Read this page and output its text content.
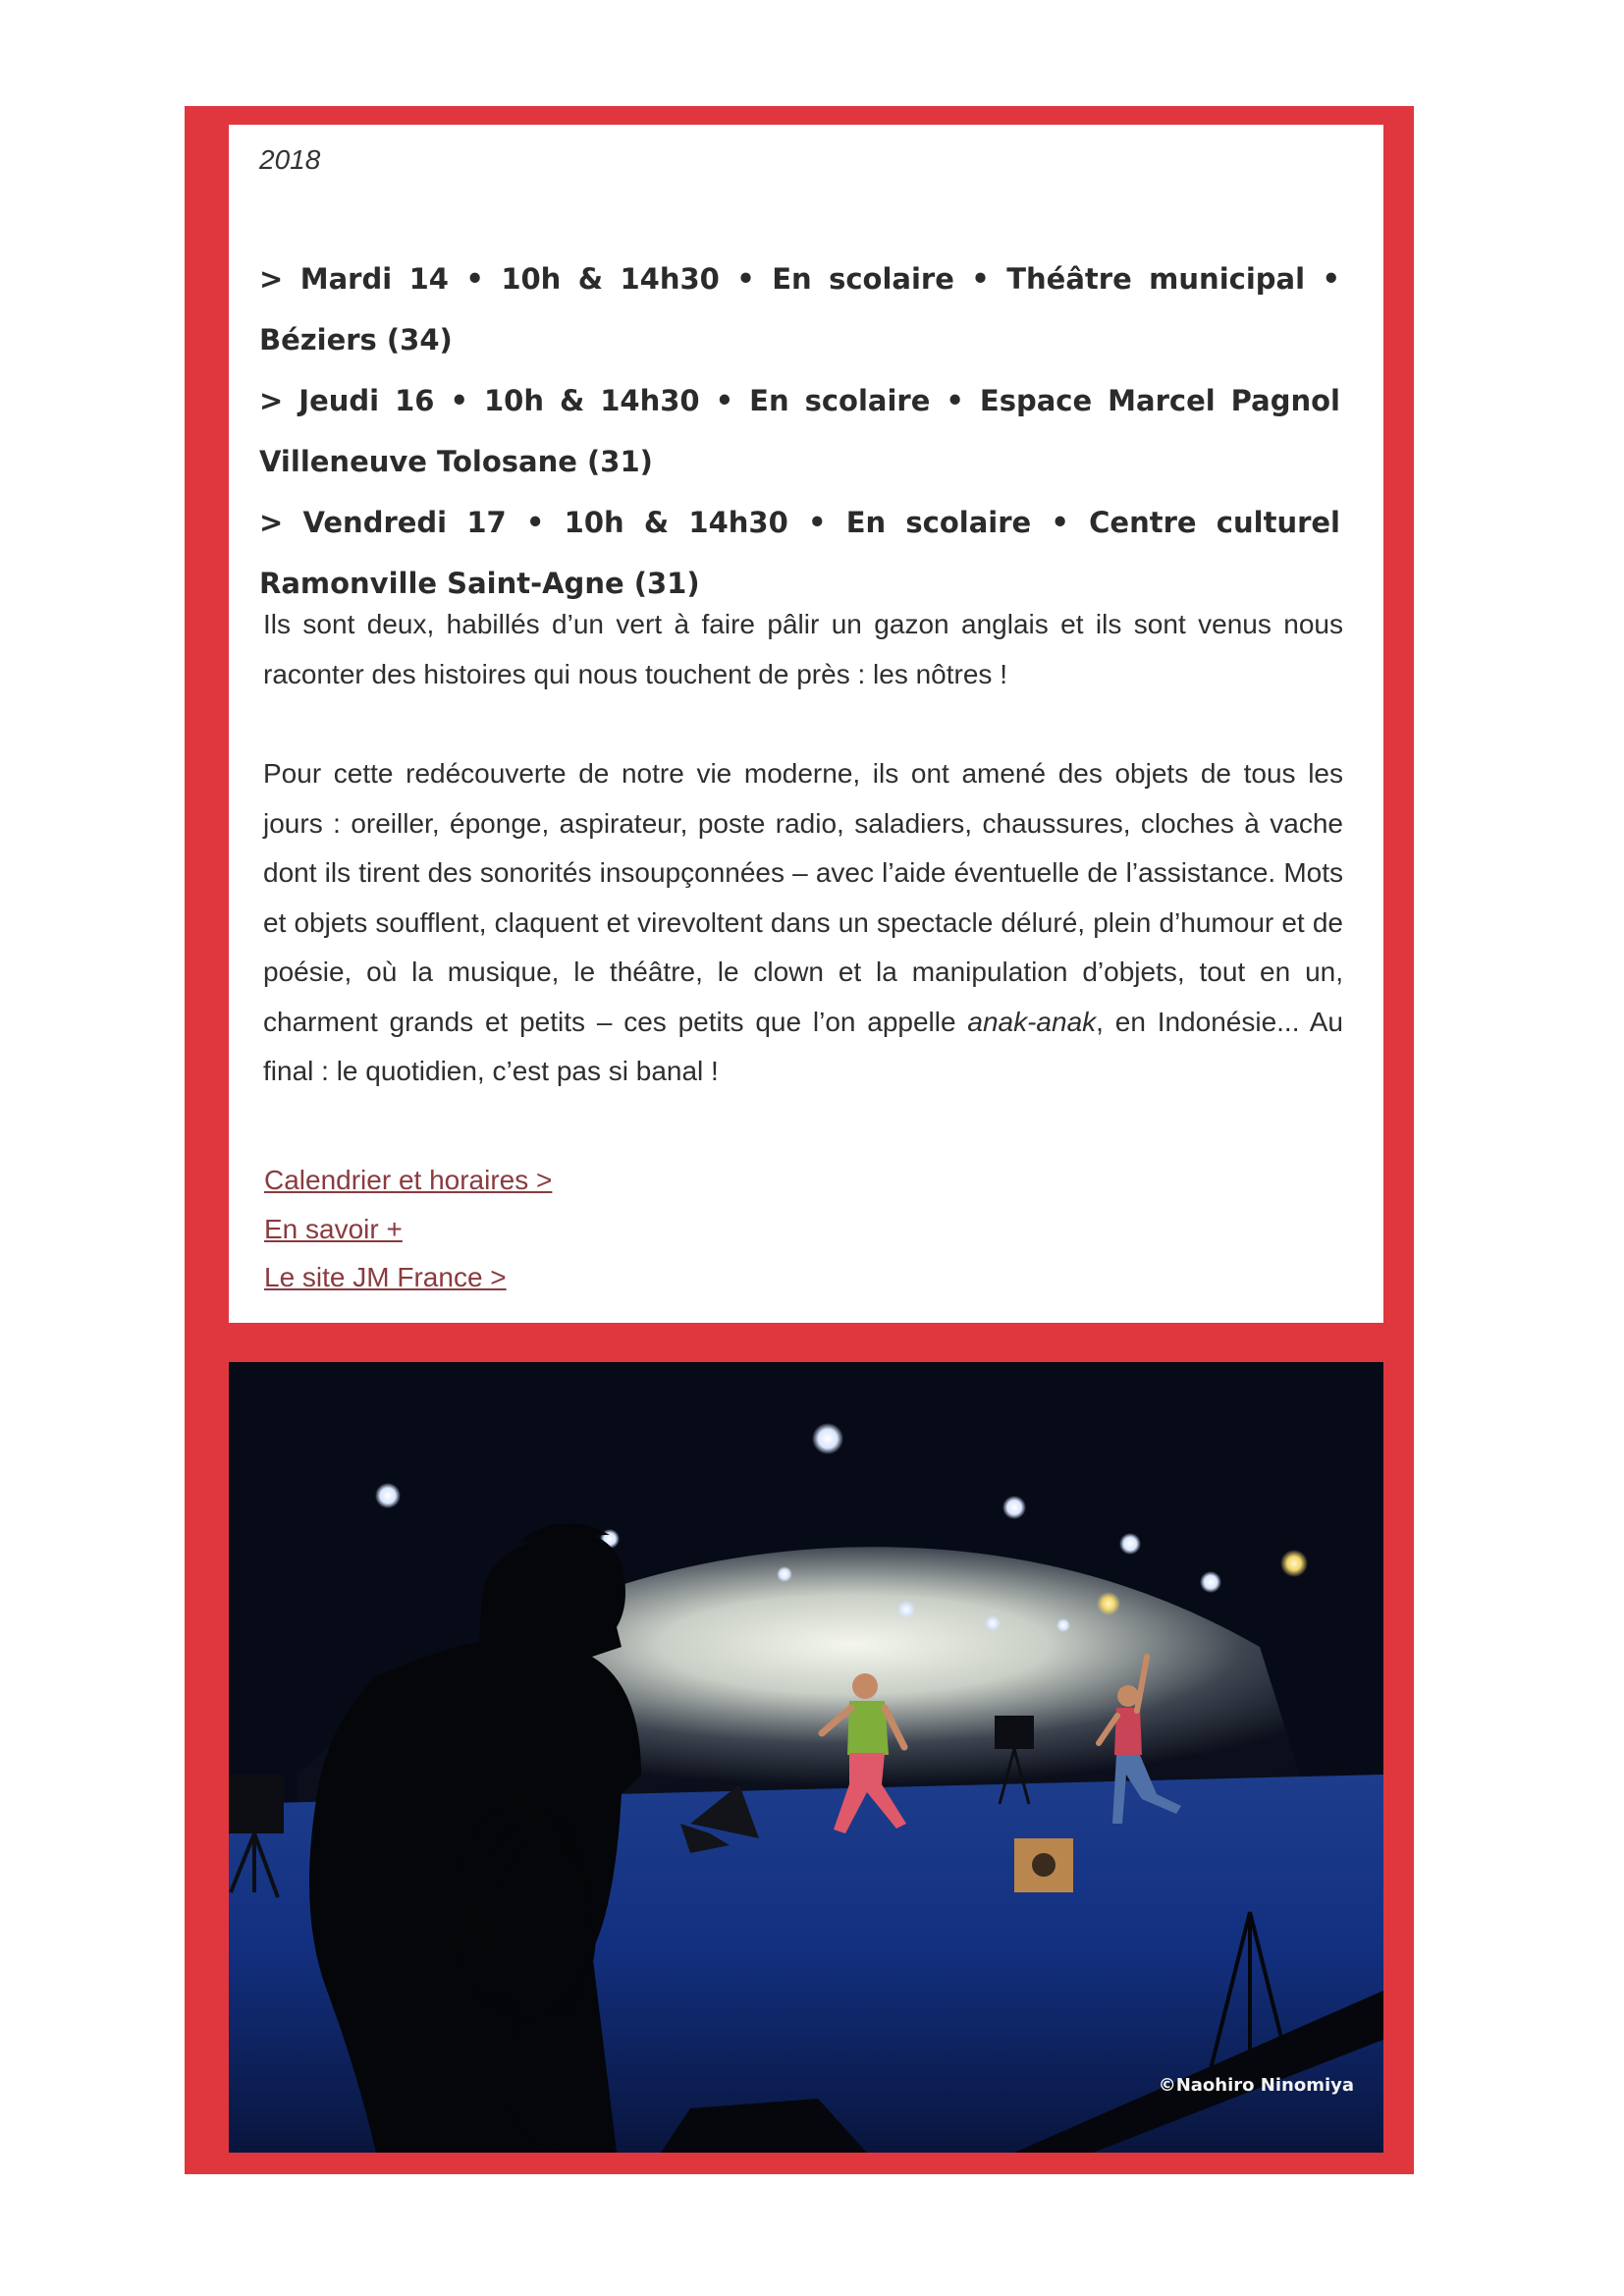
2018
> Mardi 14 • 10h & 14h30 • En scolaire • Théâtre municipal • Béziers (34)
> Jeudi 16 • 10h & 14h30 • En scolaire • Espace Marcel Pagnol Villeneuve Tolosane (31)
> Vendredi 17 • 10h & 14h30 • En scolaire • Centre culturel Ramonville Saint-Agne (31)

Ils sont deux, habillés d’un vert à faire pâlir un gazon anglais et ils sont venus nous raconter des histoires qui nous touchent de près : les nôtres !

Pour cette redécouverte de notre vie moderne, ils ont amené des objets de tous les jours : oreiller, éponge, aspirateur, poste radio, saladiers, chaussures, cloches à vache dont ils tirent des sonorités insoupçonnées – avec l’aide éventuelle de l’assistance. Mots et objets soufflent, claquent et virevoltent dans un spectacle déluré, plein d’humour et de poésie, où la musique, le théâtre, le clown et la manipulation d’objets, tout en un, charment grands et petits – ces petits que l’on appelle anak-anak, en Indonésie... Au final : le quotidien, c’est pas si banal !

Calendrier et horaires >
En savoir +
Le site JM France >
©Naohiro Ninomiya
